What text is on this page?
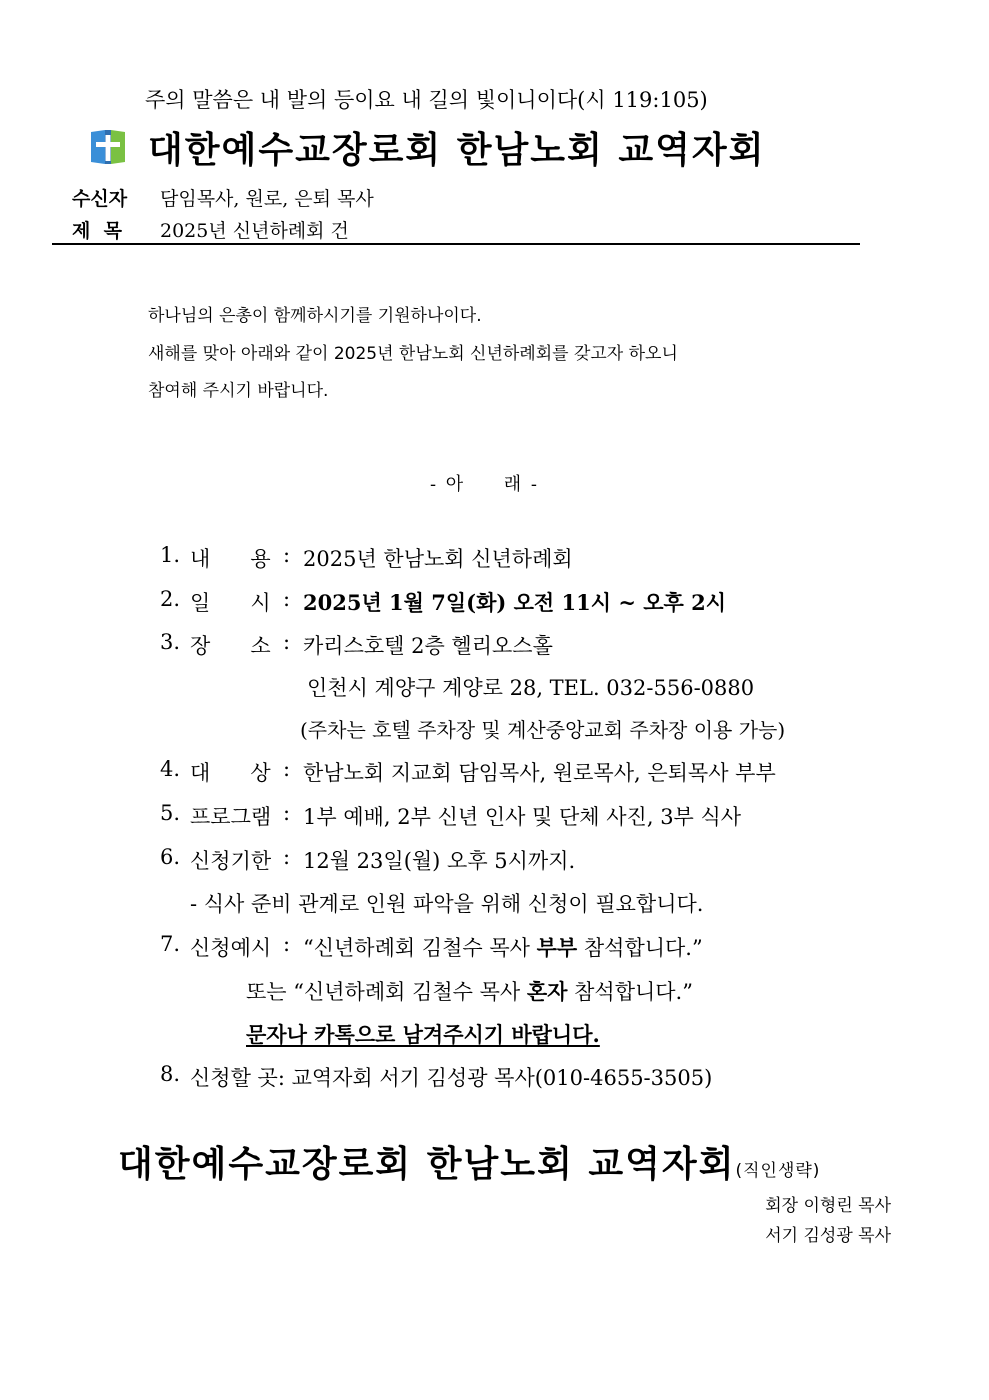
주의 말씀은 내 발의 등이요 내 길의 빛이니이다(시 119:105)
대한예수교장로회 한남노회 교역자회
수신자 담임목사, 원로, 은퇴 목사
제  목 2025년 신년하례회 건
하나님의 은총이 함께하시기를 기원하나이다.
새해를 맞아 아래와 같이 2025년 한남노회 신년하례회를 갖고자 하오니
참여해 주시기 바랍니다.
- 아     래 -
1. 내      용 : 2025년 한남노회 신년하례회
2. 일      시 : 2025년 1월 7일(화) 오전 11시 ~ 오후 2시
3. 장      소 : 카리스호텔 2층 헬리오스홀
인천시 계양구 계양로 28, TEL. 032-556-0880
(주차는 호텔 주차장 및 계산중앙교회 주차장 이용 가능)
4. 대      상 : 한남노회 지교회 담임목사, 원로목사, 은퇴목사 부부
5. 프로그램 : 1부 예배, 2부 신년 인사 및 단체 사진, 3부 식사
6. 신청기한 : 12월 23일(월) 오후 5시까지.
- 식사 준비 관계로 인원 파악을 위해 신청이 필요합니다.
7. 신청예시 : “신년하례회 김철수 목사 부부 참석합니다.”
또는 “신년하례회 김철수 목사 혼자 참석합니다.”
문자나 카톡으로 남겨주시기 바랍니다.
8. 신청할 곳: 교역자회 서기 김성광 목사(010-4655-3505)
대한예수교장로회 한남노회 교역자회(직인생략)
회장 이형린 목사
서기 김성광 목사
